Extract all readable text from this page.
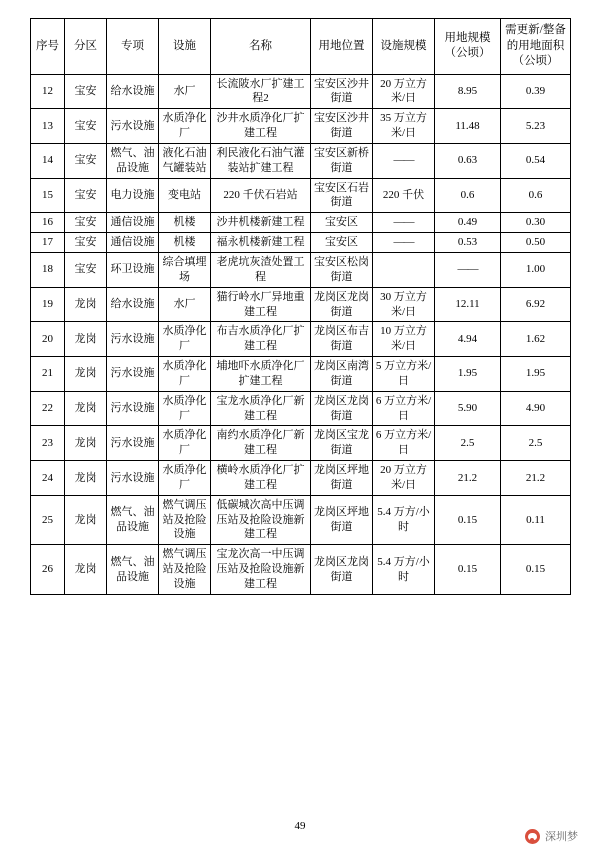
序号	分区	专项	设施	名称	用地位置	设施规模	用地规模（公顷）	需更新/整备的用地面积（公顷）
12	宝安	给水设施	水厂	长流陂水厂扩建工程2	宝安区沙井街道	20 万立方米/日	8.95	0.39
13	宝安	污水设施	水质净化厂	沙井水质净化厂扩建工程	宝安区沙井街道	35 万立方米/日	11.48	5.23
14	宝安	燃气、油品设施	液化石油气罐装站	利民液化石油气灌装站扩建工程	宝安区新桥街道	——	0.63	0.54
15	宝安	电力设施	变电站	220 千伏石岩站	宝安区石岩街道	220 千伏	0.6	0.6
16	宝安	通信设施	机楼	沙井机楼新建工程	宝安区	——	0.49	0.30
17	宝安	通信设施	机楼	福永机楼新建工程	宝安区	——	0.53	0.50
18	宝安	环卫设施	综合填埋场	老虎坑灰渣处置工程	宝安区松岗街道		——	1.00
19	龙岗	给水设施	水厂	猫行岭水厂异地重建工程	龙岗区龙岗街道	30 万立方米/日	12.11	6.92
20	龙岗	污水设施	水质净化厂	布吉水质净化厂扩建工程	龙岗区布吉街道	10 万立方米/日	4.94	1.62
21	龙岗	污水设施	水质净化厂	埔地吓水质净化厂扩建工程	龙岗区南湾街道	5 万立方米/日	1.95	1.95
22	龙岗	污水设施	水质净化厂	宝龙水质净化厂新建工程	龙岗区龙岗街道	6 万立方米/日	5.90	4.90
23	龙岗	污水设施	水质净化厂	南约水质净化厂新建工程	龙岗区宝龙街道	6 万立方米/日	2.5	2.5
24	龙岗	污水设施	水质净化厂	横岭水质净化厂扩建工程	龙岗区坪地街道	20 万立方米/日	21.2	21.2
25	龙岗	燃气、油品设施	燃气调压站及抢险设施	低碳城次高中压调压站及抢险设施新建工程	龙岗区坪地街道	5.4 万方/小时	0.15	0.11
26	龙岗	燃气、油品设施	燃气调压站及抢险设施	宝龙次高一中压调压站及抢险设施新建工程	龙岗区龙岗街道	5.4 万方/小时	0.15	0.15
49
深圳梦
